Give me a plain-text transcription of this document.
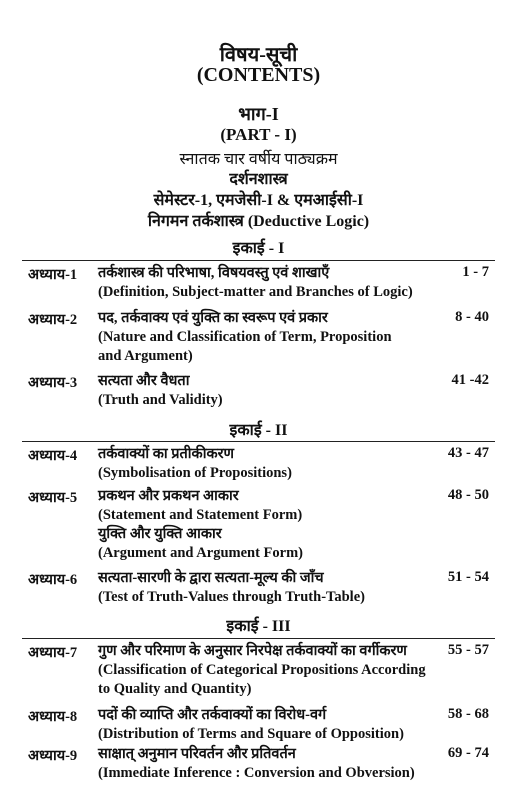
विषय-सूची
(CONTENTS)
भाग-I
(PART - I)
स्नातक चार वर्षीय पाठ्यक्रम
दर्शनशास्त्र
सेमेस्टर-1, एमजेसी-I & एमआईसी-I
निगमन तर्कशास्त्र (Deductive Logic)
इकाई - I
अध्याय-1 तर्कशास्त्र की परिभाषा, विषयवस्तु एवं शाखाएँ
(Definition, Subject-matter and Branches of Logic)
1 - 7
अध्याय-2 पद, तर्कवाक्य एवं युक्ति का स्वरूप एवं प्रकार
(Nature and Classification of Term, Proposition
and Argument)
8 - 40
अध्याय-3 सत्यता और वैधता
(Truth and Validity)
41 -42
इकाई - II
अध्याय-4 तर्कवाक्यों का प्रतीकीकरण
(Symbolisation of Propositions)
43 - 47
अध्याय-5 प्रकथन और प्रकथन आकार
(Statement and Statement Form)
युक्ति और युक्ति आकार
(Argument and Argument Form)
48 - 50
अध्याय-6 सत्यता-सारणी के द्वारा सत्यता-मूल्य की जाँच
(Test of Truth-Values through Truth-Table)
51 - 54
इकाई - III
अध्याय-7 गुण और परिमाण के अनुसार निरपेक्ष तर्कवाक्यों का वर्गीकरण
(Classification of Categorical Propositions According
to Quality and Quantity)
55 - 57
अध्याय-8 पदों की व्याप्ति और तर्कवाक्यों का विरोध-वर्ग
(Distribution of Terms and Square of Opposition)
58 - 68
अध्याय-9 साक्षात् अनुमान परिवर्तन और प्रतिवर्तन
(Immediate Inference : Conversion and Obversion)
69 - 74
